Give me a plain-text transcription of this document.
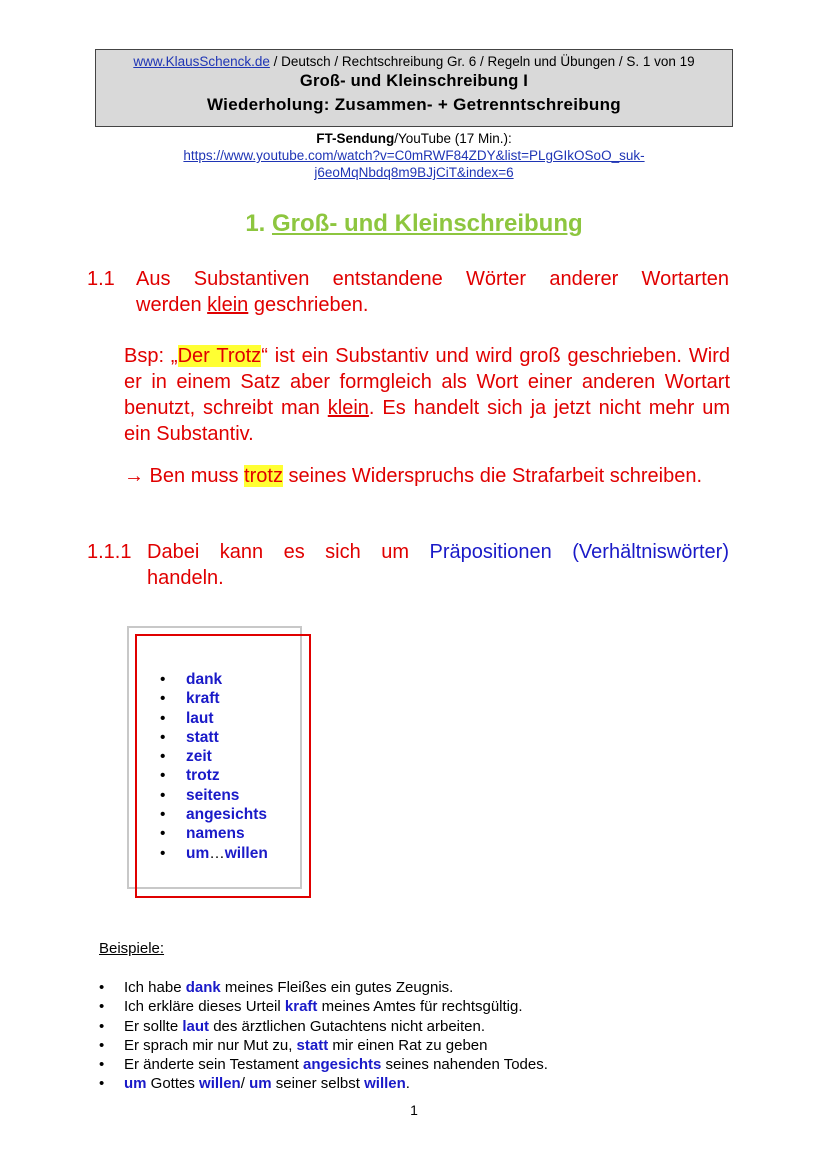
www.KlausSchenck.de / Deutsch / Rechtschreibung Gr. 6 / Regeln und Übungen / S. 1 von 19
Groß- und Kleinschreibung I
Wiederholung: Zusammen- + Getrenntschreibung
FT-Sendung/YouTube (17 Min.):
https://www.youtube.com/watch?v=C0mRWF84ZDY&list=PLgGIkOSoO_suk-
j6eoMqNbdq8m9BJjCiT&index=6
1. Groß- und Kleinschreibung
1.1 Aus Substantiven entstandene Wörter anderer Wortarten
werden klein geschrieben.
Bsp: „Der Trotz“ ist ein Substantiv und wird groß geschrieben. Wird er in einem Satz aber formgleich als Wort einer anderen Wortart benutzt, schreibt man klein. Es handelt sich ja jetzt nicht mehr um ein Substantiv.
→ Ben muss trotz seines Widerspruchs die Strafarbeit schreiben.
1.1.1 Dabei kann es sich um Präpositionen (Verhältniswörter)
handeln.
• dank
• kraft
• laut
• statt
• zeit
• trotz
• seitens
• angesichts
• namens
• um…willen
Beispiele:
• Ich habe dank meines Fleißes ein gutes Zeugnis.
• Ich erkläre dieses Urteil kraft meines Amtes für rechtsgültig.
• Er sollte laut des ärztlichen Gutachtens nicht arbeiten.
• Er sprach mir nur Mut zu, statt mir einen Rat zu geben
• Er änderte sein Testament angesichts seines nahenden Todes.
• um Gottes willen/ um seiner selbst willen.
1
